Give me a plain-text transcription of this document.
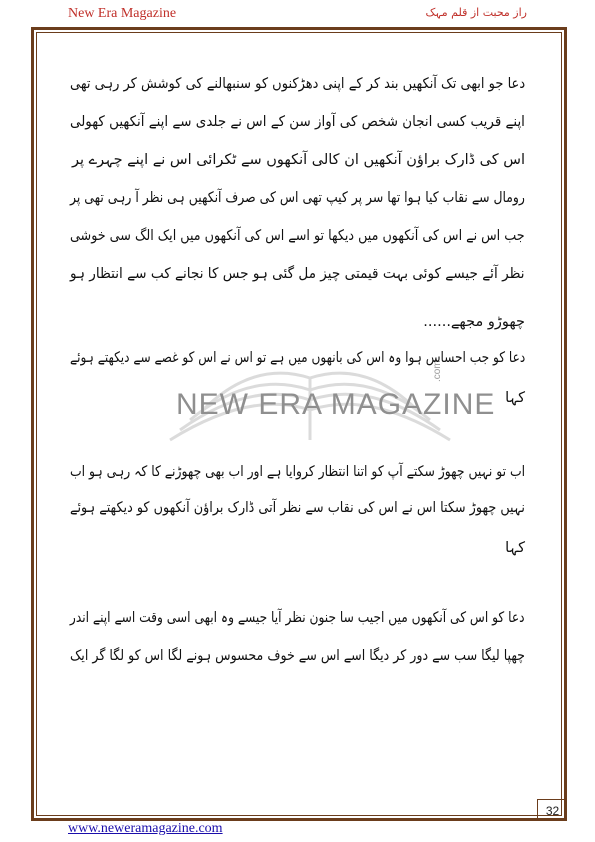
New Era Magazine	راز محبت از قلم مہک
NEW ERA MAGAZINE
.com
دعا جو ابھی تک آنکھیں بند کر کے اپنی دھڑکنوں کو سنبھالنے کی کوشش کر رہی تھی
اپنے قریب کسی انجان شخص کی آواز سن کے اس نے جلدی سے اپنے آنکھیں کھولی
اس کی ڈارک براؤن آنکھیں ان کالی آنکھوں سے ٹکرائی اس نے اپنے چہرے پر
رومال سے نقاب کیا ہوا تھا سر پر کیپ تھی اس کی صرف آنکھیں ہی نظر آ رہی تھی پر
جب اس نے اس کی آنکھوں میں دیکھا تو اسے اس کی آنکھوں میں ایک الگ سی خوشی
نظر آئے جیسے کوئی بہت قیمتی چیز مل گئی ہو جس کا نجانے کب سے انتظار ہو
چھوڑو مجھے......
دعا کو جب احساس ہوا وہ اس کی بانھوں میں ہے تو اس نے اس کو غصے سے دیکھتے ہوئے
کہا
اب تو نہیں چھوڑ سکتے آپ کو اتنا انتظار کروایا ہے اور اب بھی چھوڑنے کا کہ رہی ہو اب
نہیں چھوڑ سکتا اس نے اس کی نقاب سے نظر آتی ڈارک براؤن آنکھوں کو دیکھتے ہوئے
کہا
دعا کو اس کی آنکھوں میں اجیب سا جنون نظر آیا جیسے وہ ابھی اسی وقت اسے اپنے اندر
چھپا لیگا سب سے دور کر دیگا اسے اس سے خوف محسوس ہونے لگا اس کو لگا گر ایک
32
www.neweramagazine.com
